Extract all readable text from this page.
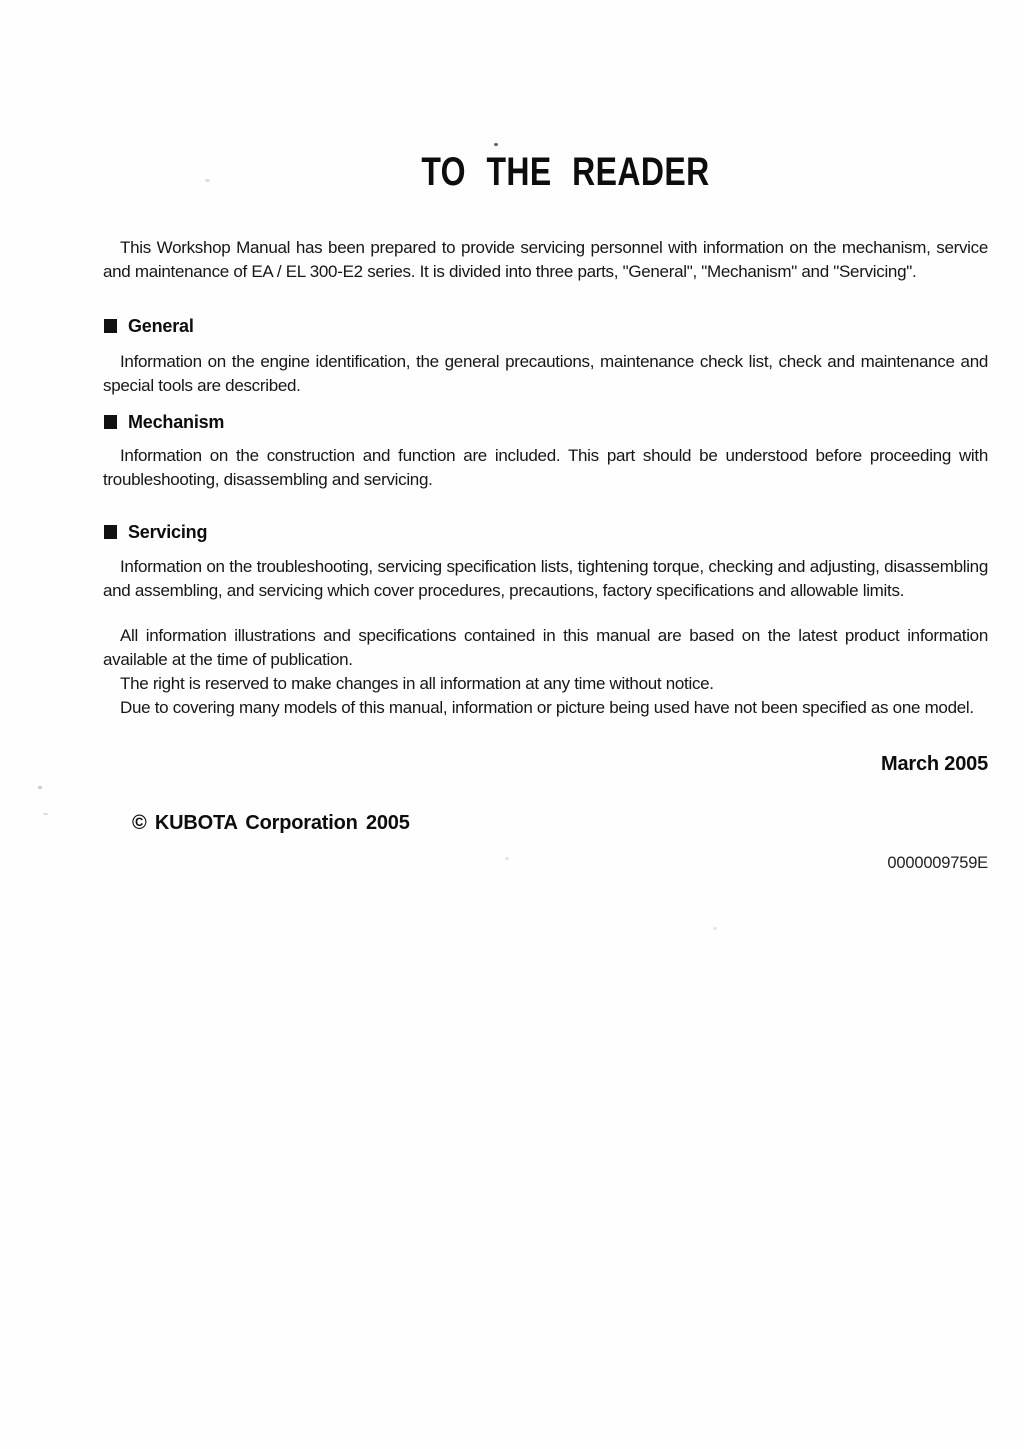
TO THE READER

This Workshop Manual has been prepared to provide servicing personnel with information on the mechanism, service and maintenance of EA / EL 300-E2 series. It is divided into three parts, "General", "Mechanism" and "Servicing".

General

Information on the engine identification, the general precautions, maintenance check list, check and maintenance and special tools are described.

Mechanism

Information on the construction and function are included. This part should be understood before proceeding with troubleshooting, disassembling and servicing.

Servicing

Information on the troubleshooting, servicing specification lists, tightening torque, checking and adjusting, disassembling and assembling, and servicing which cover procedures, precautions, factory specifications and allowable limits.

All information illustrations and specifications contained in this manual are based on the latest product information available at the time of publication.

The right is reserved to make changes in all information at any time without notice.

Due to covering many models of this manual, information or picture being used have not been specified as one model.

March 2005
© KUBOTA Corporation 2005
0000009759E
